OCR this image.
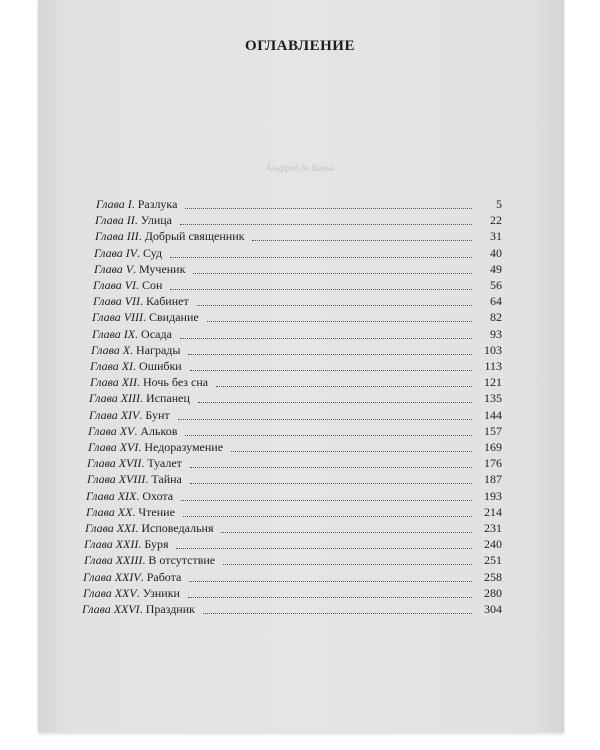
ОГЛАВЛЕНИЕ
Альфред де Виньи
Глава I. Разлука	5
Глава II. Улица	22
Глава III. Добрый священник	31
Глава IV. Суд	40
Глава V. Мученик	49
Глава VI. Сон	56
Глава VII. Кабинет	64
Глава VIII. Свидание	82
Глава IX. Осада	93
Глава X. Награды	103
Глава XI. Ошибки	113
Глава XII. Ночь без сна	121
Глава XIII. Испанец	135
Глава XIV. Бунт	144
Глава XV. Альков	157
Глава XVI. Недоразумение	169
Глава XVII. Туалет	176
Глава XVIII. Тайна	187
Глава XIX. Охота	193
Глава XX. Чтение	214
Глава XXI. Исповедальня	231
Глава XXII. Буря	240
Глава XXIII. В отсутствие	251
Глава XXIV. Работа	258
Глава XXV. Узники	280
Глава XXVI. Праздник	304
